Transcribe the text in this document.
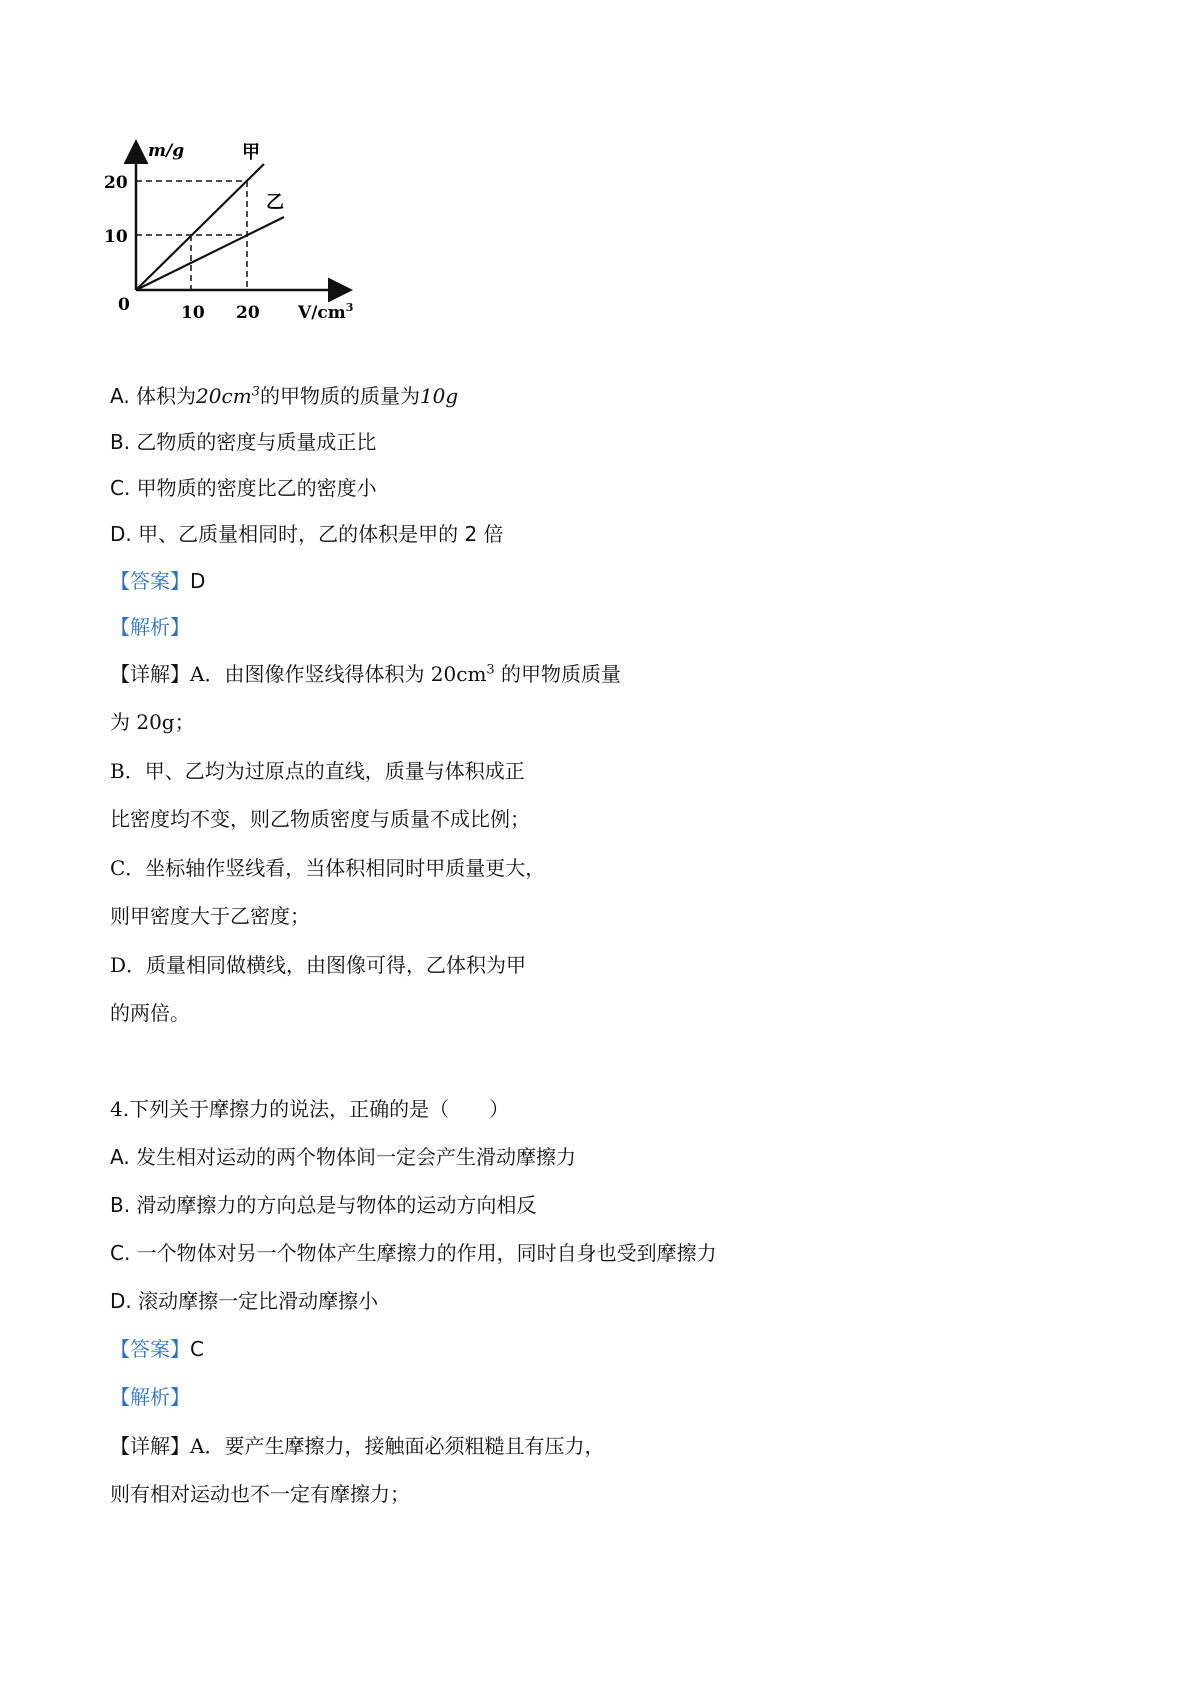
m/g
$V/cm^3$
0	10 20
20
10
甲
乙
A. 体积为$20cm^3$的甲物质的质量为10g
B. 乙物质的密度与质量成正比
C. 甲物质的密度比乙的密度小
D. 甲、乙质量相同时，乙的体积是甲的 2 倍
【答案】D
【解析】
【详解】A．由图像作竖线得体积为 $20cm^3$ 的甲物质质量
为 20g；
B．甲、乙均为过原点的直线，质量与体积成正
比密度均不变，则乙物质密度与质量不成比例；
C．坐标轴作竖线看，当体积相同时甲质量更大，
则甲密度大于乙密度；
D．质量相同做横线，由图像可得，乙体积为甲
的两倍。
4.下列关于摩擦力的说法，正确的是（　　）
A. 发生相对运动的两个物体间一定会产生滑动摩擦力
B. 滑动摩擦力的方向总是与物体的运动方向相反
C. 一个物体对另一个物体产生摩擦力的作用，同时自身也受到摩擦力
D. 滚动摩擦一定比滑动摩擦小
【答案】C
【解析】
【详解】A．要产生摩擦力，接触面必须粗糙且有压力，
则有相对运动也不一定有摩擦力；
